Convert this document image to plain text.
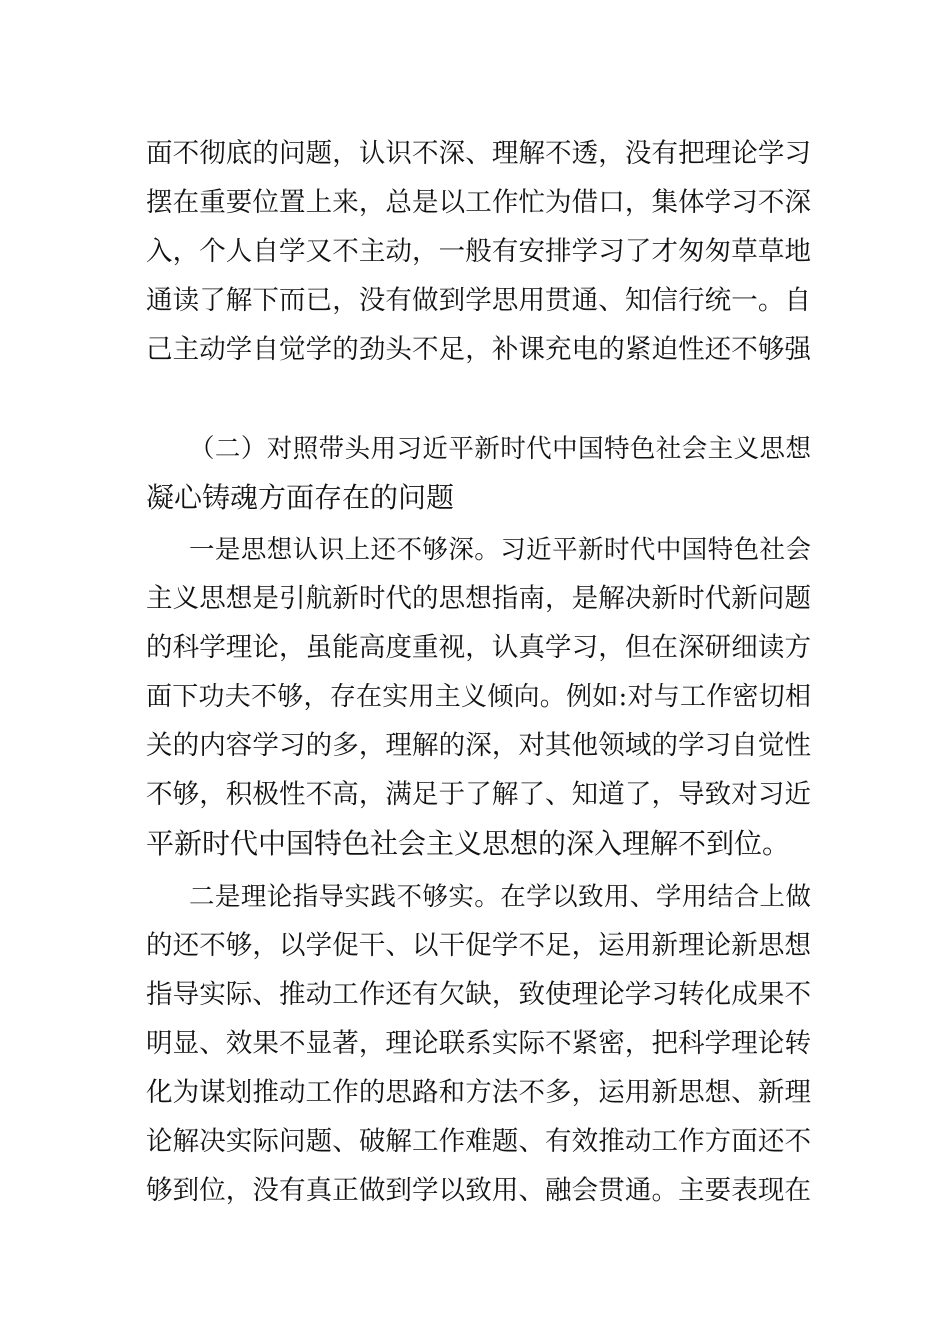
面不彻底的问题，认识不深、理解不透，没有把理论学习
摆在重要位置上来，总是以工作忙为借口，集体学习不深
入，个人自学又不主动，一般有安排学习了才匆匆草草地
通读了解下而已，没有做到学思用贯通、知信行统一。自
己主动学自觉学的劲头不足，补课充电的紧迫性还不够强
（二）对照带头用习近平新时代中国特色社会主义思想
凝心铸魂方面存在的问题
一是思想认识上还不够深。习近平新时代中国特色社会
主义思想是引航新时代的思想指南，是解决新时代新问题
的科学理论，虽能高度重视，认真学习，但在深研细读方
面下功夫不够，存在实用主义倾向。例如:对与工作密切相
关的内容学习的多，理解的深，对其他领域的学习自觉性
不够，积极性不高，满足于了解了、知道了，导致对习近
平新时代中国特色社会主义思想的深入理解不到位。
二是理论指导实践不够实。在学以致用、学用结合上做
的还不够，以学促干、以干促学不足，运用新理论新思想
指导实际、推动工作还有欠缺，致使理论学习转化成果不
明显、效果不显著，理论联系实际不紧密，把科学理论转
化为谋划推动工作的思路和方法不多，运用新思想、新理
论解决实际问题、破解工作难题、有效推动工作方面还不
够到位，没有真正做到学以致用、融会贯通。主要表现在
